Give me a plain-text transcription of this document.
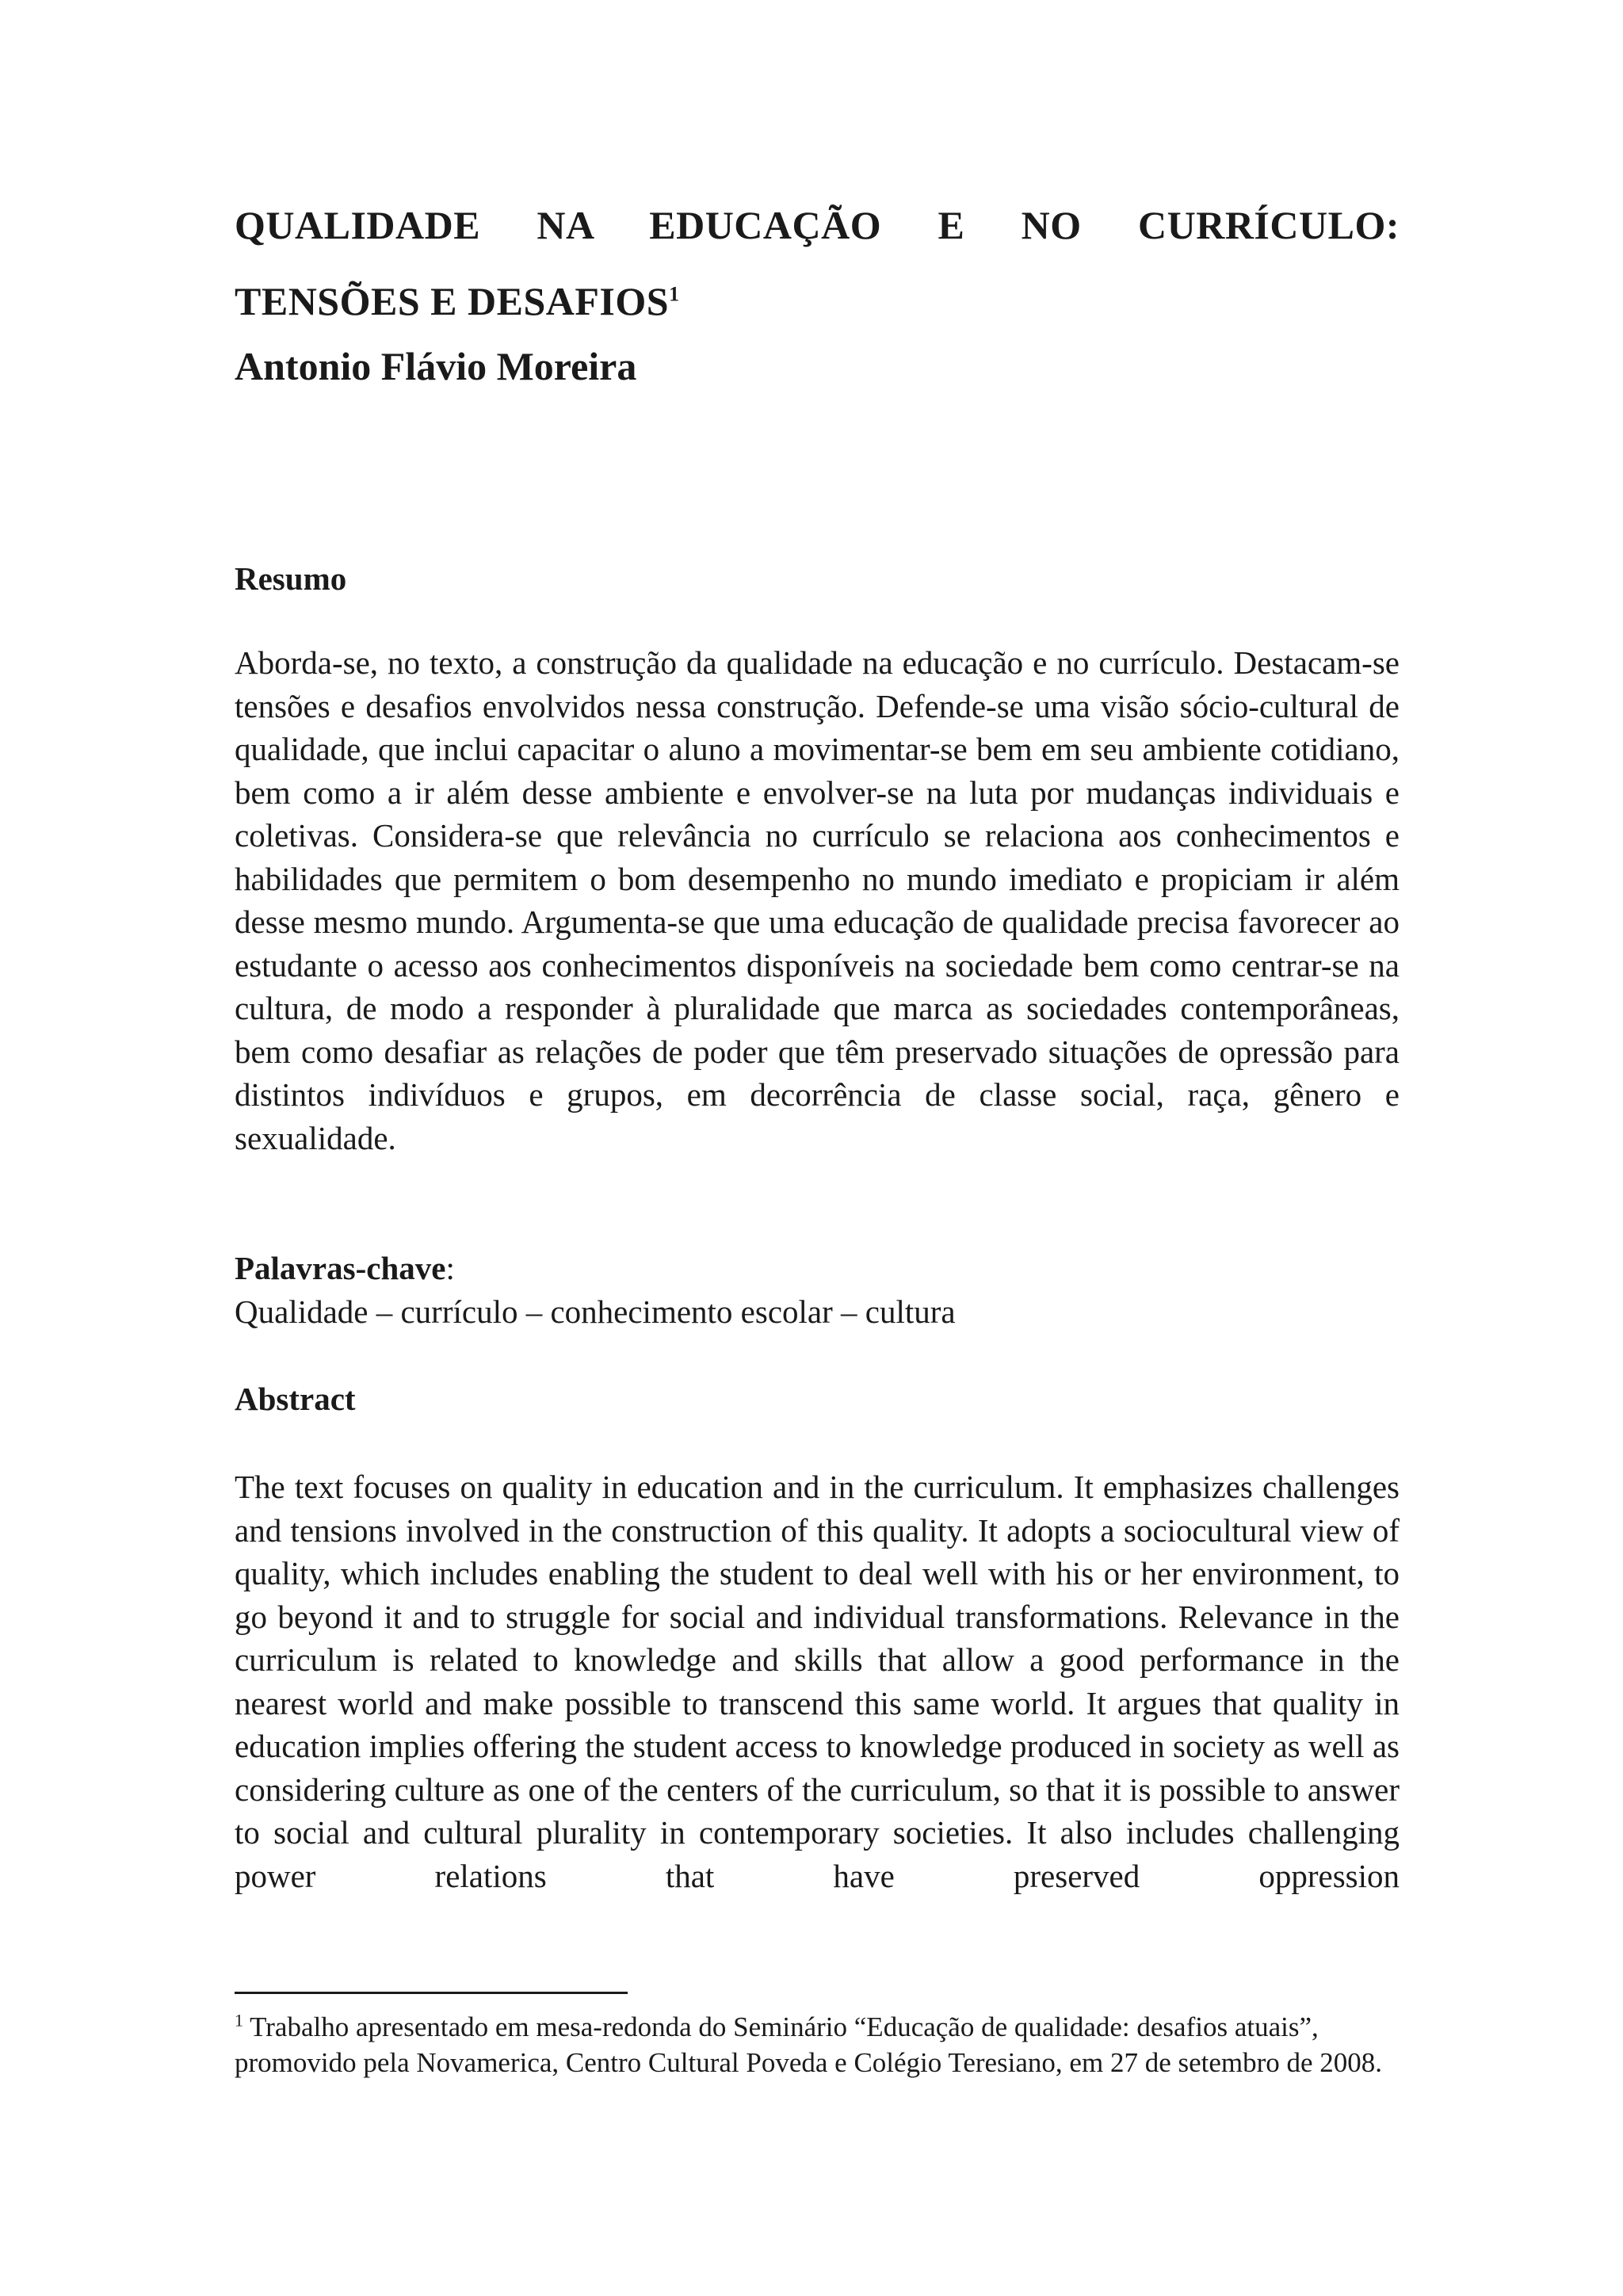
QUALIDADE NA EDUCAÇÃO E NO CURRÍCULO:
TENSÕES E DESAFIOS$^1$
Antonio Flávio Moreira
Resumo

Aborda-se, no texto, a construção da qualidade na educação e no currículo. Destacam-se tensões e desafios envolvidos nessa construção. Defende-se uma visão sócio-cultural de qualidade, que inclui capacitar o aluno a movimentar-se bem em seu ambiente cotidiano, bem como a ir além desse ambiente e envolver-se na luta por mudanças individuais e coletivas. Considera-se que relevância no currículo se relaciona aos conhecimentos e habilidades que permitem o bom desempenho no mundo imediato e propiciam ir além desse mesmo mundo. Argumenta-se que uma educação de qualidade precisa favorecer ao estudante o acesso aos conhecimentos disponíveis na sociedade bem como centrar-se na cultura, de modo a responder à pluralidade que marca as sociedades contemporâneas, bem como desafiar as relações de poder que têm preservado situações de opressão para distintos indivíduos e grupos, em decorrência de classe social, raça, gênero e sexualidade.

Palavras-chave:
Qualidade – currículo – conhecimento escolar – cultura
Abstract

The text focuses on quality in education and in the curriculum. It emphasizes challenges and tensions involved in the construction of this quality. It adopts a sociocultural view of quality, which includes enabling the student to deal well with his or her environment, to go beyond it and to struggle for social and individual transformations. Relevance in the curriculum is related to knowledge and skills that allow a good performance in the nearest world and make possible to transcend this same world. It argues that quality in education implies offering the student access to knowledge produced in society as well as considering culture as one of the centers of the curriculum, so that it is possible to answer to social and cultural plurality in contemporary societies. It also includes challenging power relations that have preserved oppression

$^1$ Trabalho apresentado em mesa-redonda do Seminário “Educação de qualidade: desafios atuais”, promovido pela Novamerica, Centro Cultural Poveda e Colégio Teresiano, em 27 de setembro de 2008.
